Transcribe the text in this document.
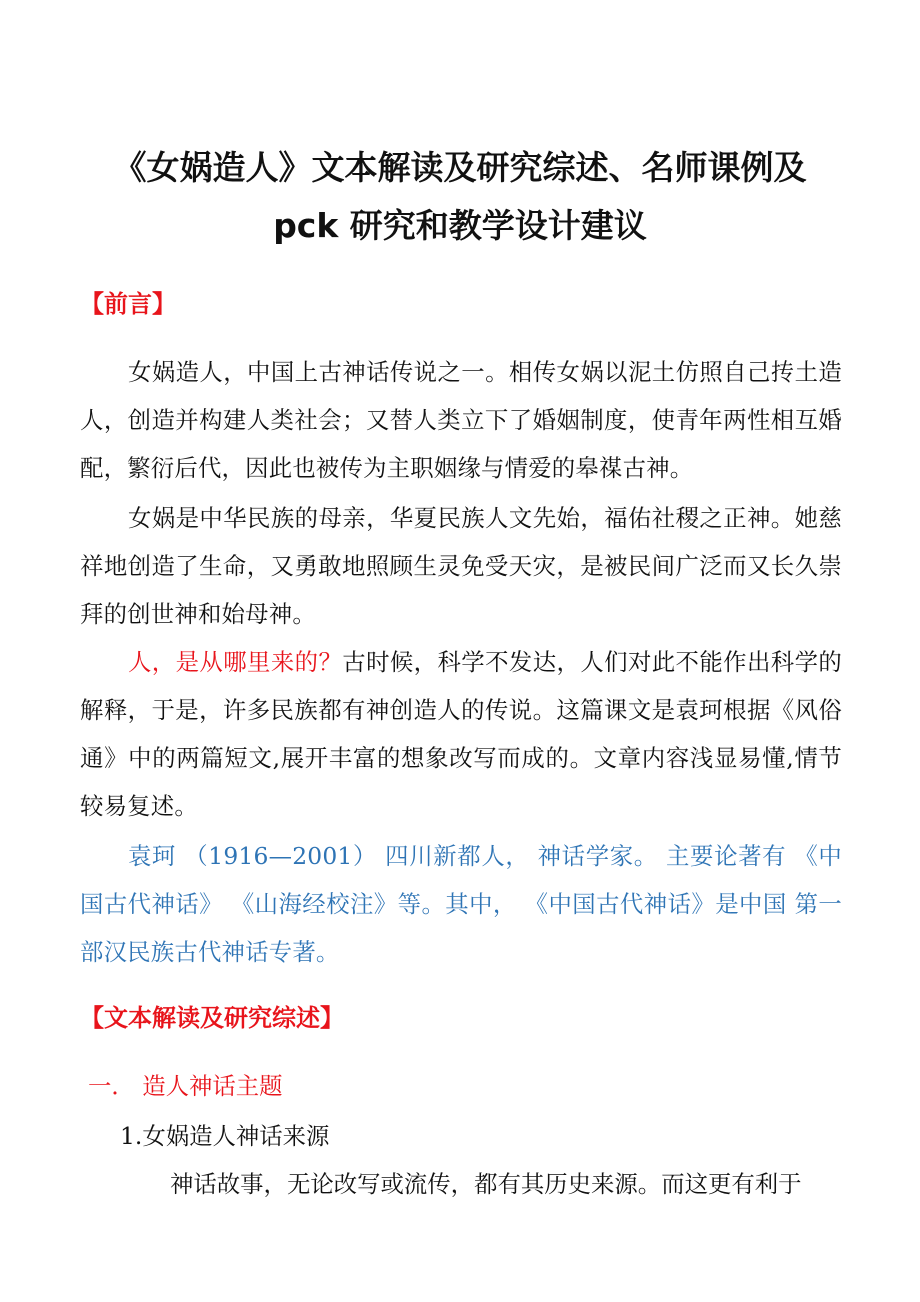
《女娲造人》文本解读及研究综述、名师课例及
pck 研究和教学设计建议
【前言】

女娲造人，中国上古神话传说之一。相传女娲以泥土仿照自己抟土造人，创造并构建人类社会；又替人类立下了婚姻制度，使青年两性相互婚配，繁衍后代，因此也被传为主职姻缘与情爱的皋禖古神。

女娲是中华民族的母亲，华夏民族人文先始，福佑社稷之正神。她慈祥地创造了生命，又勇敢地照顾生灵免受天灾，是被民间广泛而又长久崇拜的创世神和始母神。

人，是从哪里来的？古时候，科学不发达，人们对此不能作出科学的解释，于是，许多民族都有神创造人的传说。这篇课文是袁珂根据《风俗通》中的两篇短文,展开丰富的想象改写而成的。文章内容浅显易懂,情节较易复述。

袁珂 （1916—2001） 四川新都人， 神话学家。 主要论著有 《中国古代神话》 《山海经校注》等。其中， 《中国古代神话》是中国 第一部汉民族古代神话专著。

【文本解读及研究综述】

一． 造人神话主题

1.女娲造人神话来源

神话故事，无论改写或流传，都有其历史来源。而这更有利于
